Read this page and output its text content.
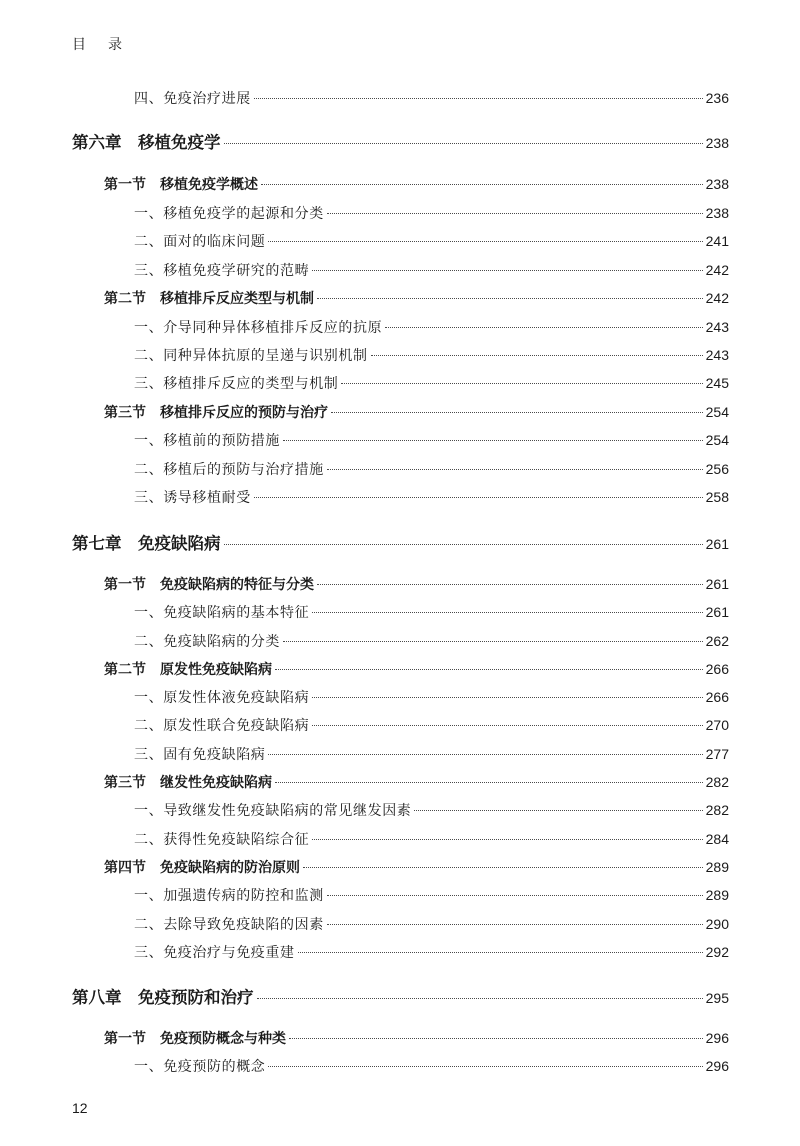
目 录
四、免疫治疗进展	236
第六章　移植免疫学	238
第一节　移植免疫学概述	238
一、移植免疫学的起源和分类	238
二、面对的临床问题	241
三、移植免疫学研究的范畴	242
第二节　移植排斥反应类型与机制	242
一、介导同种异体移植排斥反应的抗原	243
二、同种异体抗原的呈递与识别机制	243
三、移植排斥反应的类型与机制	245
第三节　移植排斥反应的预防与治疗	254
一、移植前的预防措施	254
二、移植后的预防与治疗措施	256
三、诱导移植耐受	258
第七章　免疫缺陷病	261
第一节　免疫缺陷病的特征与分类	261
一、免疫缺陷病的基本特征	261
二、免疫缺陷病的分类	262
第二节　原发性免疫缺陷病	266
一、原发性体液免疫缺陷病	266
二、原发性联合免疫缺陷病	270
三、固有免疫缺陷病	277
第三节　继发性免疫缺陷病	282
一、导致继发性免疫缺陷病的常见继发因素	282
二、获得性免疫缺陷综合征	284
第四节　免疫缺陷病的防治原则	289
一、加强遗传病的防控和监测	289
二、去除导致免疫缺陷的因素	290
三、免疫治疗与免疫重建	292
第八章　免疫预防和治疗	295
第一节　免疫预防概念与种类	296
一、免疫预防的概念	296
12
